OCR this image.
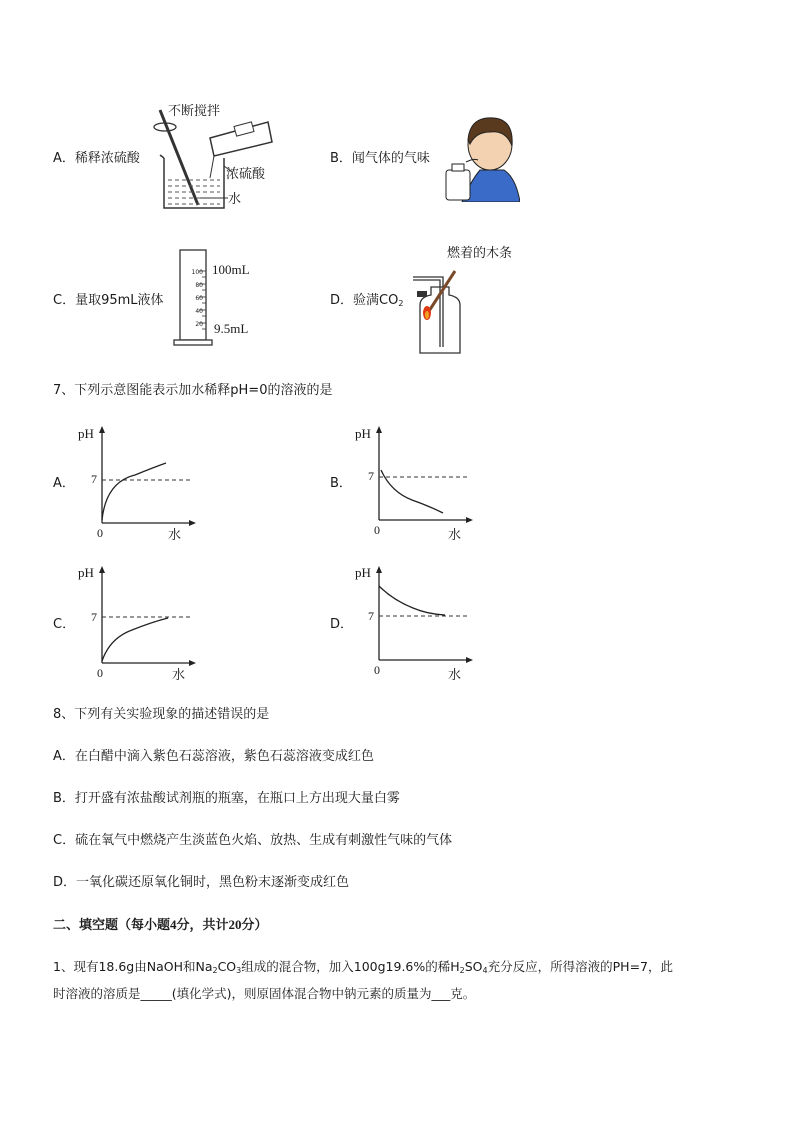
A．稀释浓硫酸
不断搅拌
浓硫酸
水
B．闻气体的气味
C．量取95mL液体
100
80
60
40
20
100mL
9.5mL
D．验满$CO_2$
燃着的木条
7、下列示意图能表示加水稀释pH=0的溶液的是
A．
pH
7
0	水
B．
pH
7
0	水
C．
pH
7
0	水
D．
pH
7
0	水
8、下列有关实验现象的描述错误的是
A．在白醋中滴入紫色石蕊溶液，紫色石蕊溶液变成红色
B．打开盛有浓盐酸试剂瓶的瓶塞，在瓶口上方出现大量白雾
C．硫在氧气中燃烧产生淡蓝色火焰、放热、生成有刺激性气味的气体
D．一氧化碳还原氧化铜时，黑色粉末逐渐变成红色
二、填空题（每小题4分，共计20分）
1、现有18.6g由NaOH和$Na_2CO_3$组成的混合物，加入100g19.6%的稀$H_2SO_4$充分反应，所得溶液的PH=7，此
时溶液的溶质是_____(填化学式)，则原固体混合物中钠元素的质量为___克。
